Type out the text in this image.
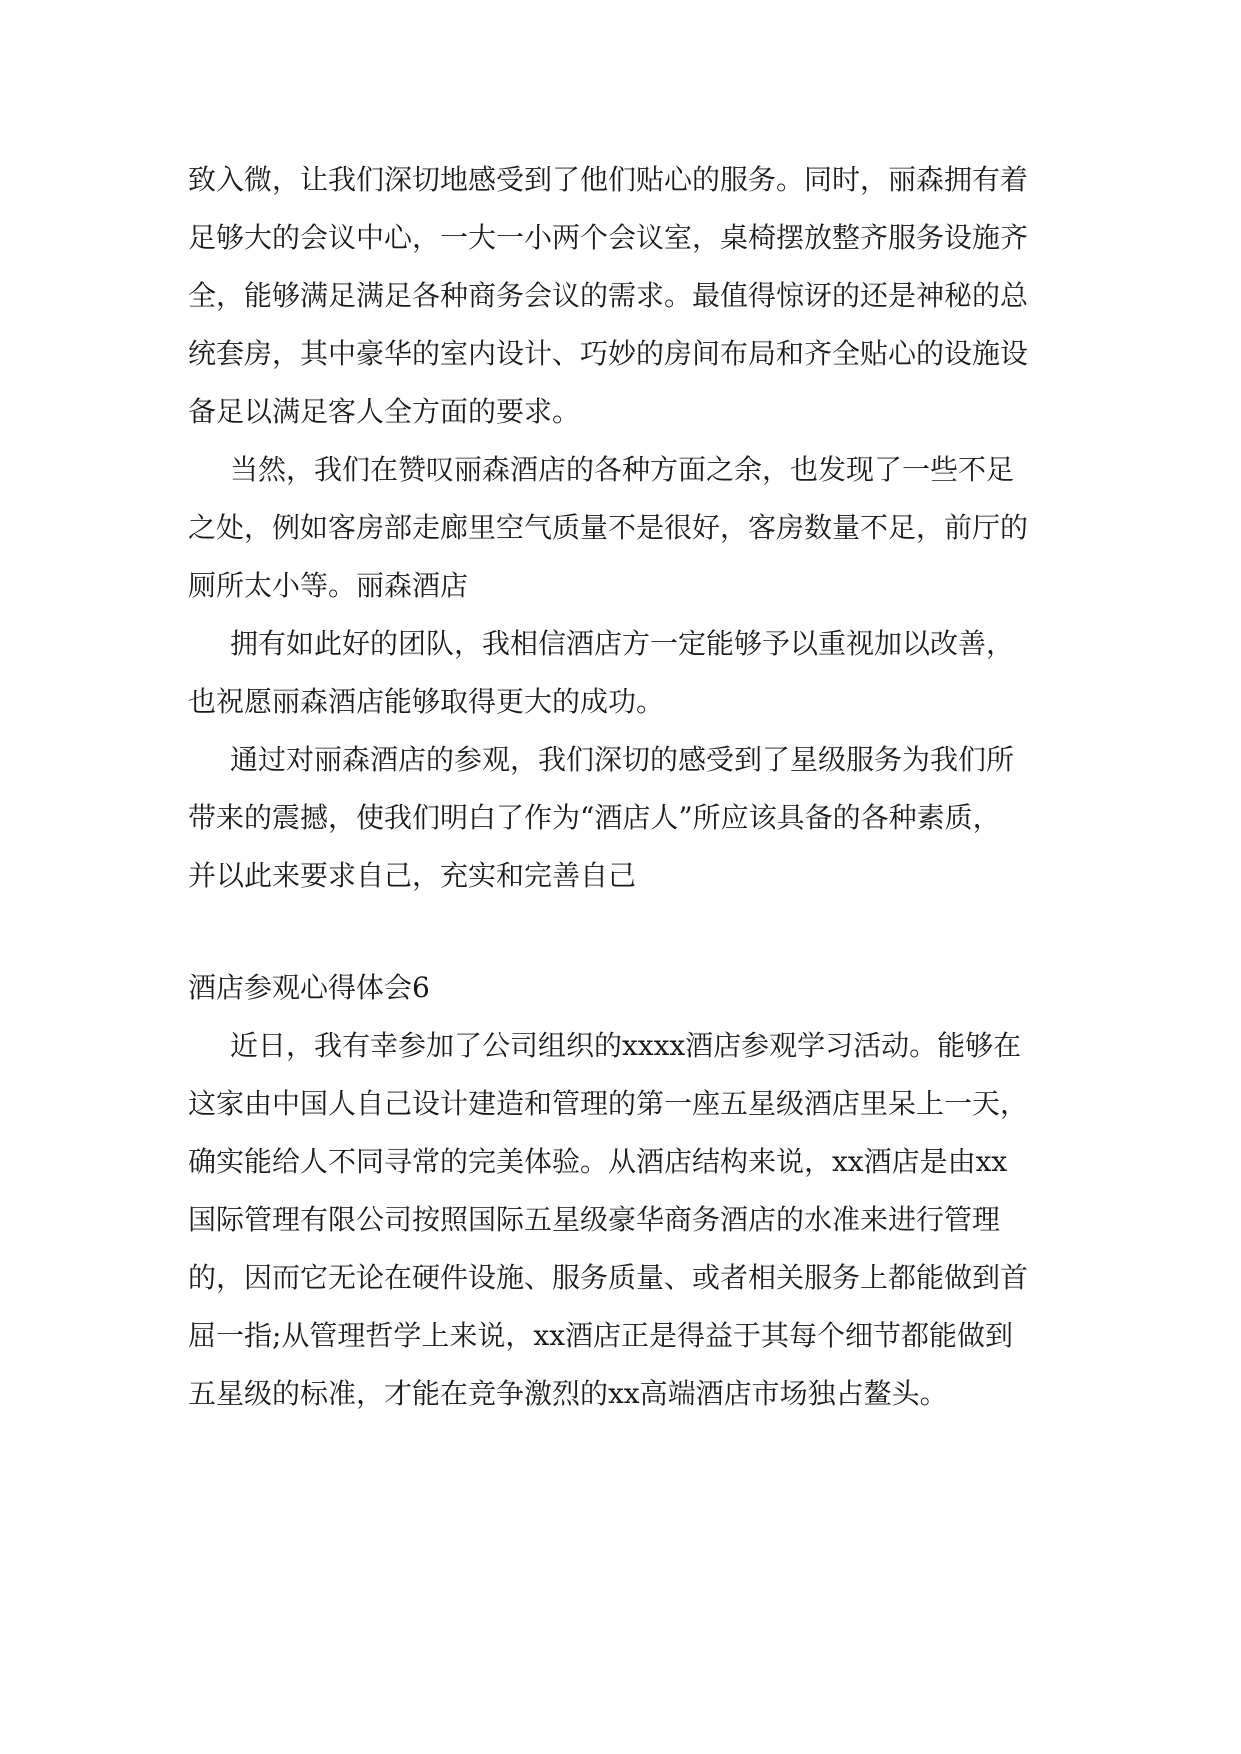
致入微，让我们深切地感受到了他们贴心的服务。同时，丽森拥有着
足够大的会议中心，一大一小两个会议室，桌椅摆放整齐服务设施齐
全，能够满足满足各种商务会议的需求。最值得惊讶的还是神秘的总
统套房，其中豪华的室内设计、巧妙的房间布局和齐全贴心的设施设
备足以满足客人全方面的要求。
当然，我们在赞叹丽森酒店的各种方面之余，也发现了一些不足
之处，例如客房部走廊里空气质量不是很好，客房数量不足，前厅的
厕所太小等。丽森酒店
拥有如此好的团队，我相信酒店方一定能够予以重视加以改善，
也祝愿丽森酒店能够取得更大的成功。
通过对丽森酒店的参观，我们深切的感受到了星级服务为我们所
带来的震撼，使我们明白了作为“酒店人”所应该具备的各种素质，
并以此来要求自己，充实和完善自己
酒店参观心得体会6
近日，我有幸参加了公司组织的xxxx酒店参观学习活动。能够在
这家由中国人自己设计建造和管理的第一座五星级酒店里呆上一天，
确实能给人不同寻常的完美体验。从酒店结构来说，xx酒店是由xx
国际管理有限公司按照国际五星级豪华商务酒店的水准来进行管理
的，因而它无论在硬件设施、服务质量、或者相关服务上都能做到首
屈一指;从管理哲学上来说，xx酒店正是得益于其每个细节都能做到
五星级的标准，才能在竞争激烈的xx高端酒店市场独占鳌头。
